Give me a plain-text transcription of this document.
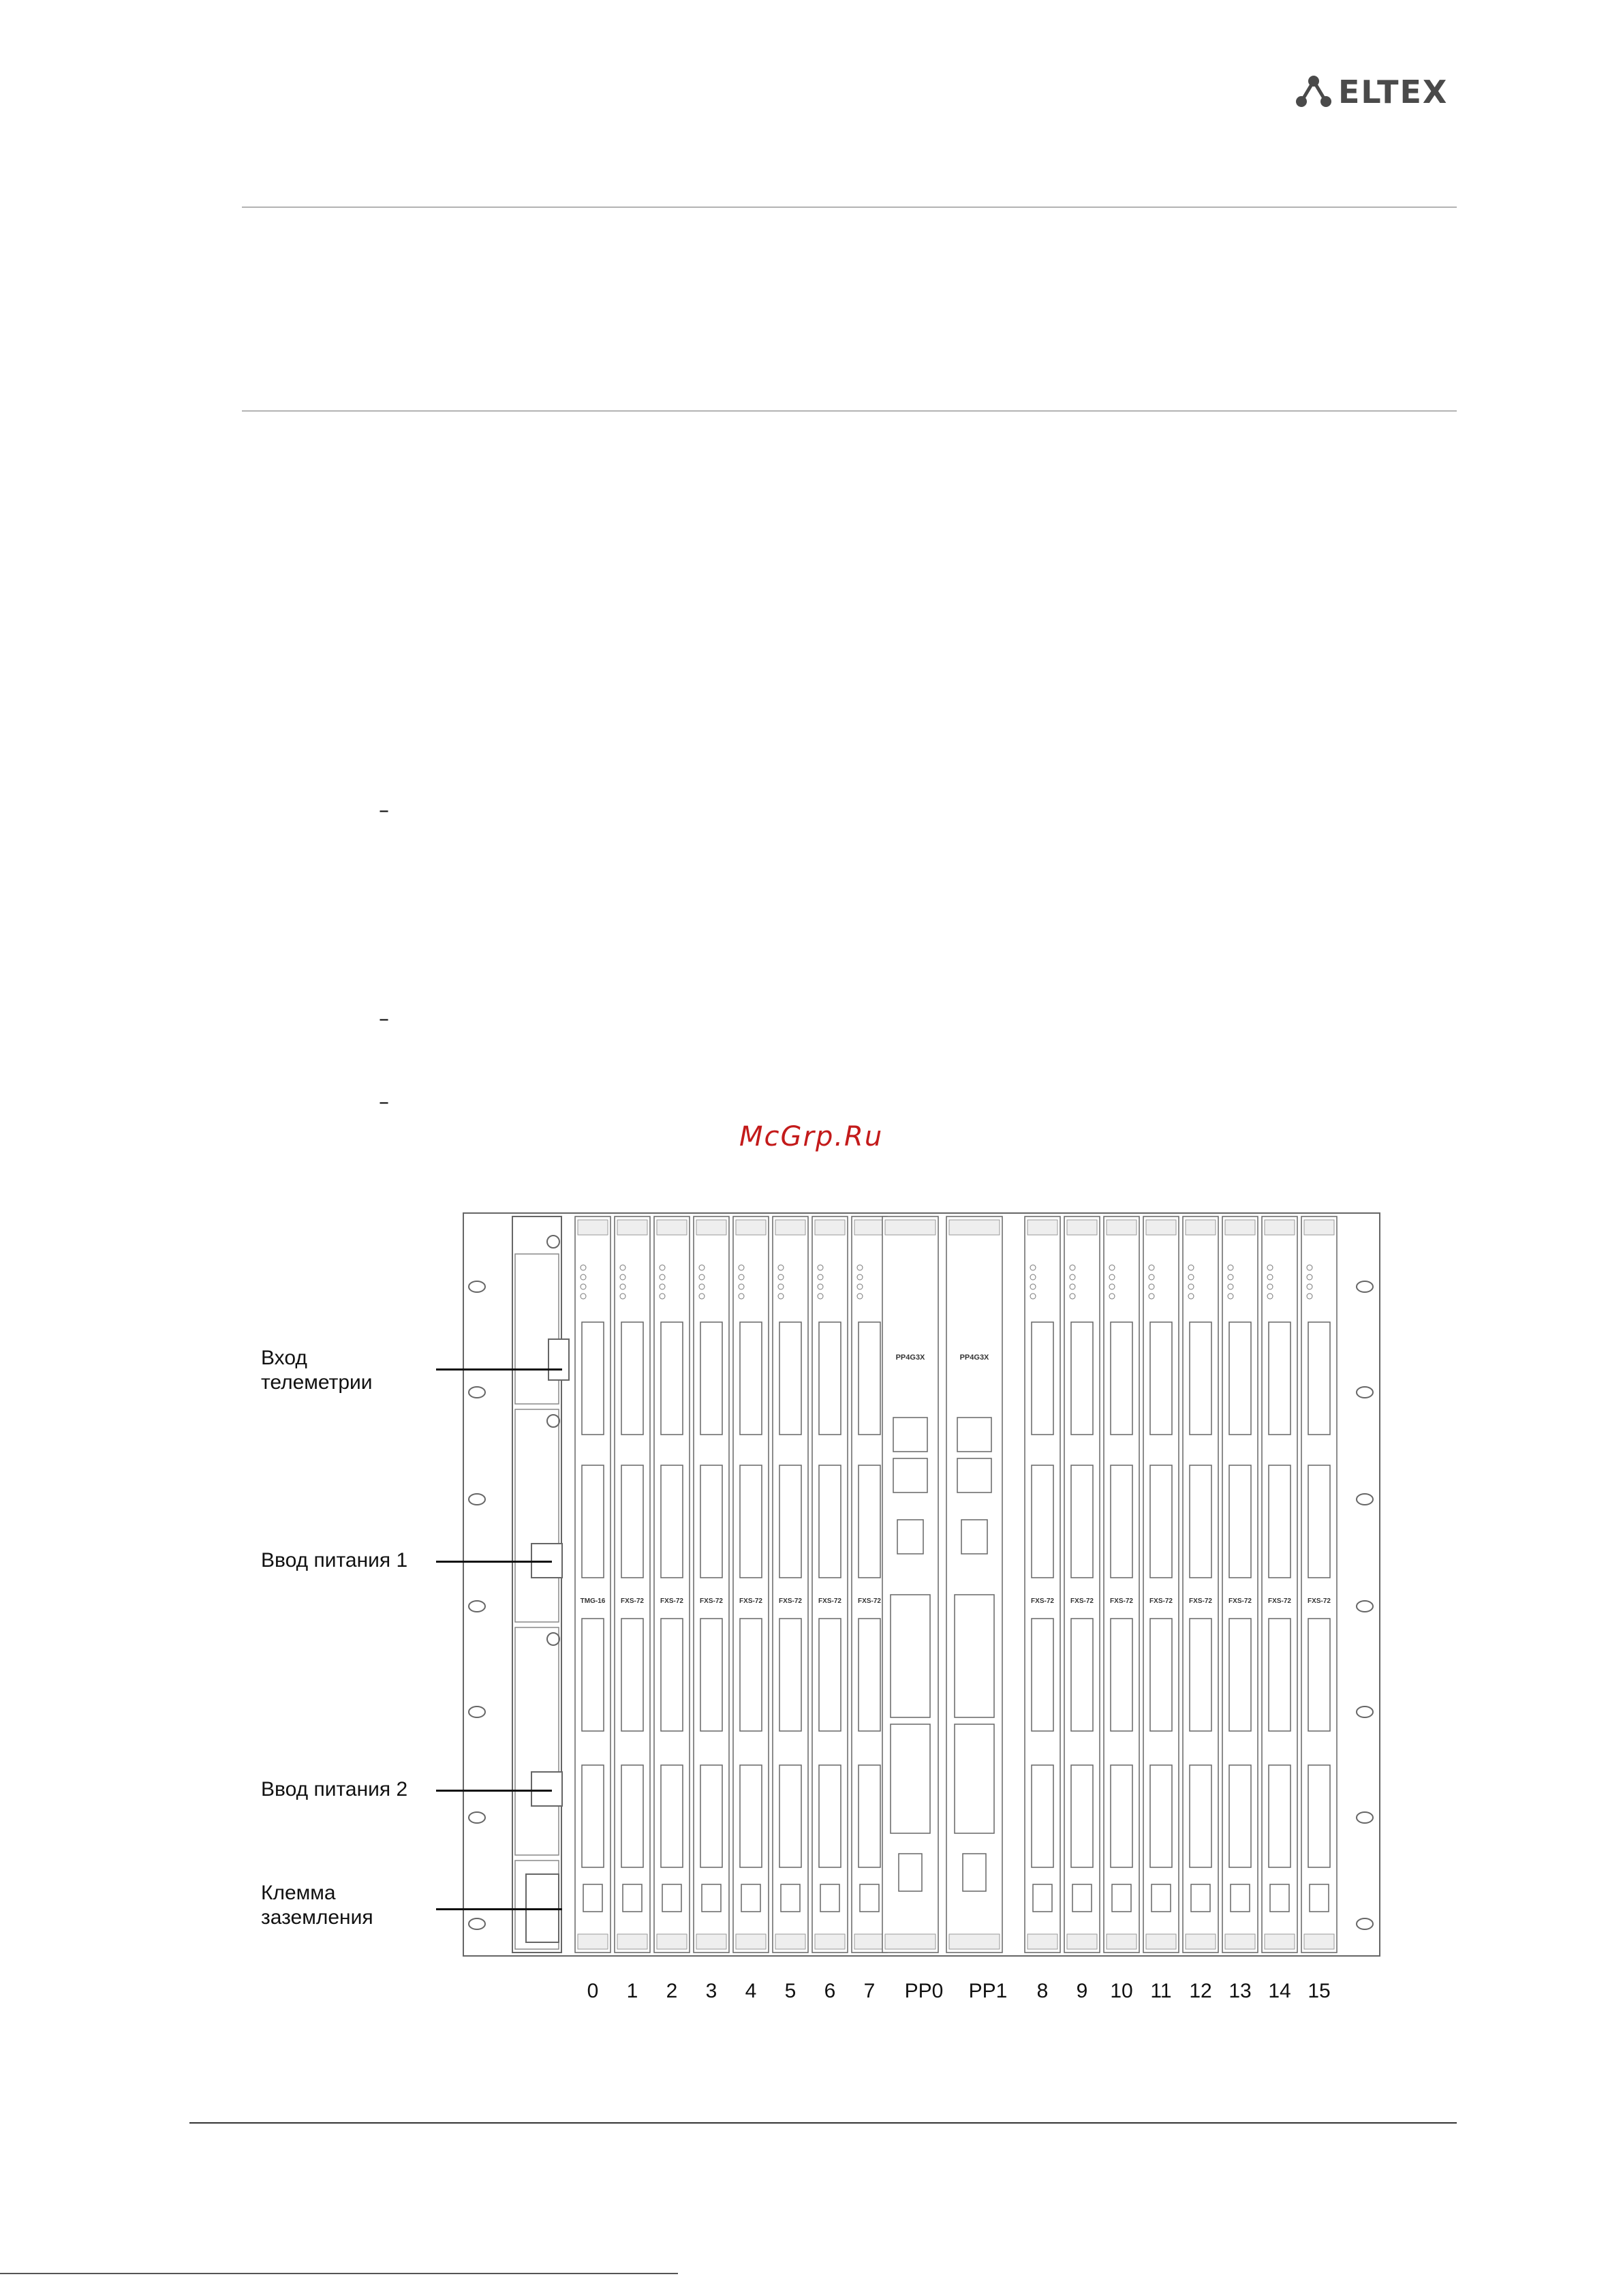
ELTEX
–
–
–
McGrp.Ru
TMG-16 FXS-72 FXS-72 FXS-72 FXS-72 FXS-72 FXS-72 FXS-72
PP4G3X	PP4G3X
FXS-72 FXS-72 FXS-72 FXS-72 FXS-72 FXS-72 FXS-72 FXS-72
Вход
телеметрии
Ввод питания 1
Ввод питания 2
Клемма
заземления
0 1 2 3 4 5 6 7 PP0 PP1 8 9 10 11 12 13 14 15
